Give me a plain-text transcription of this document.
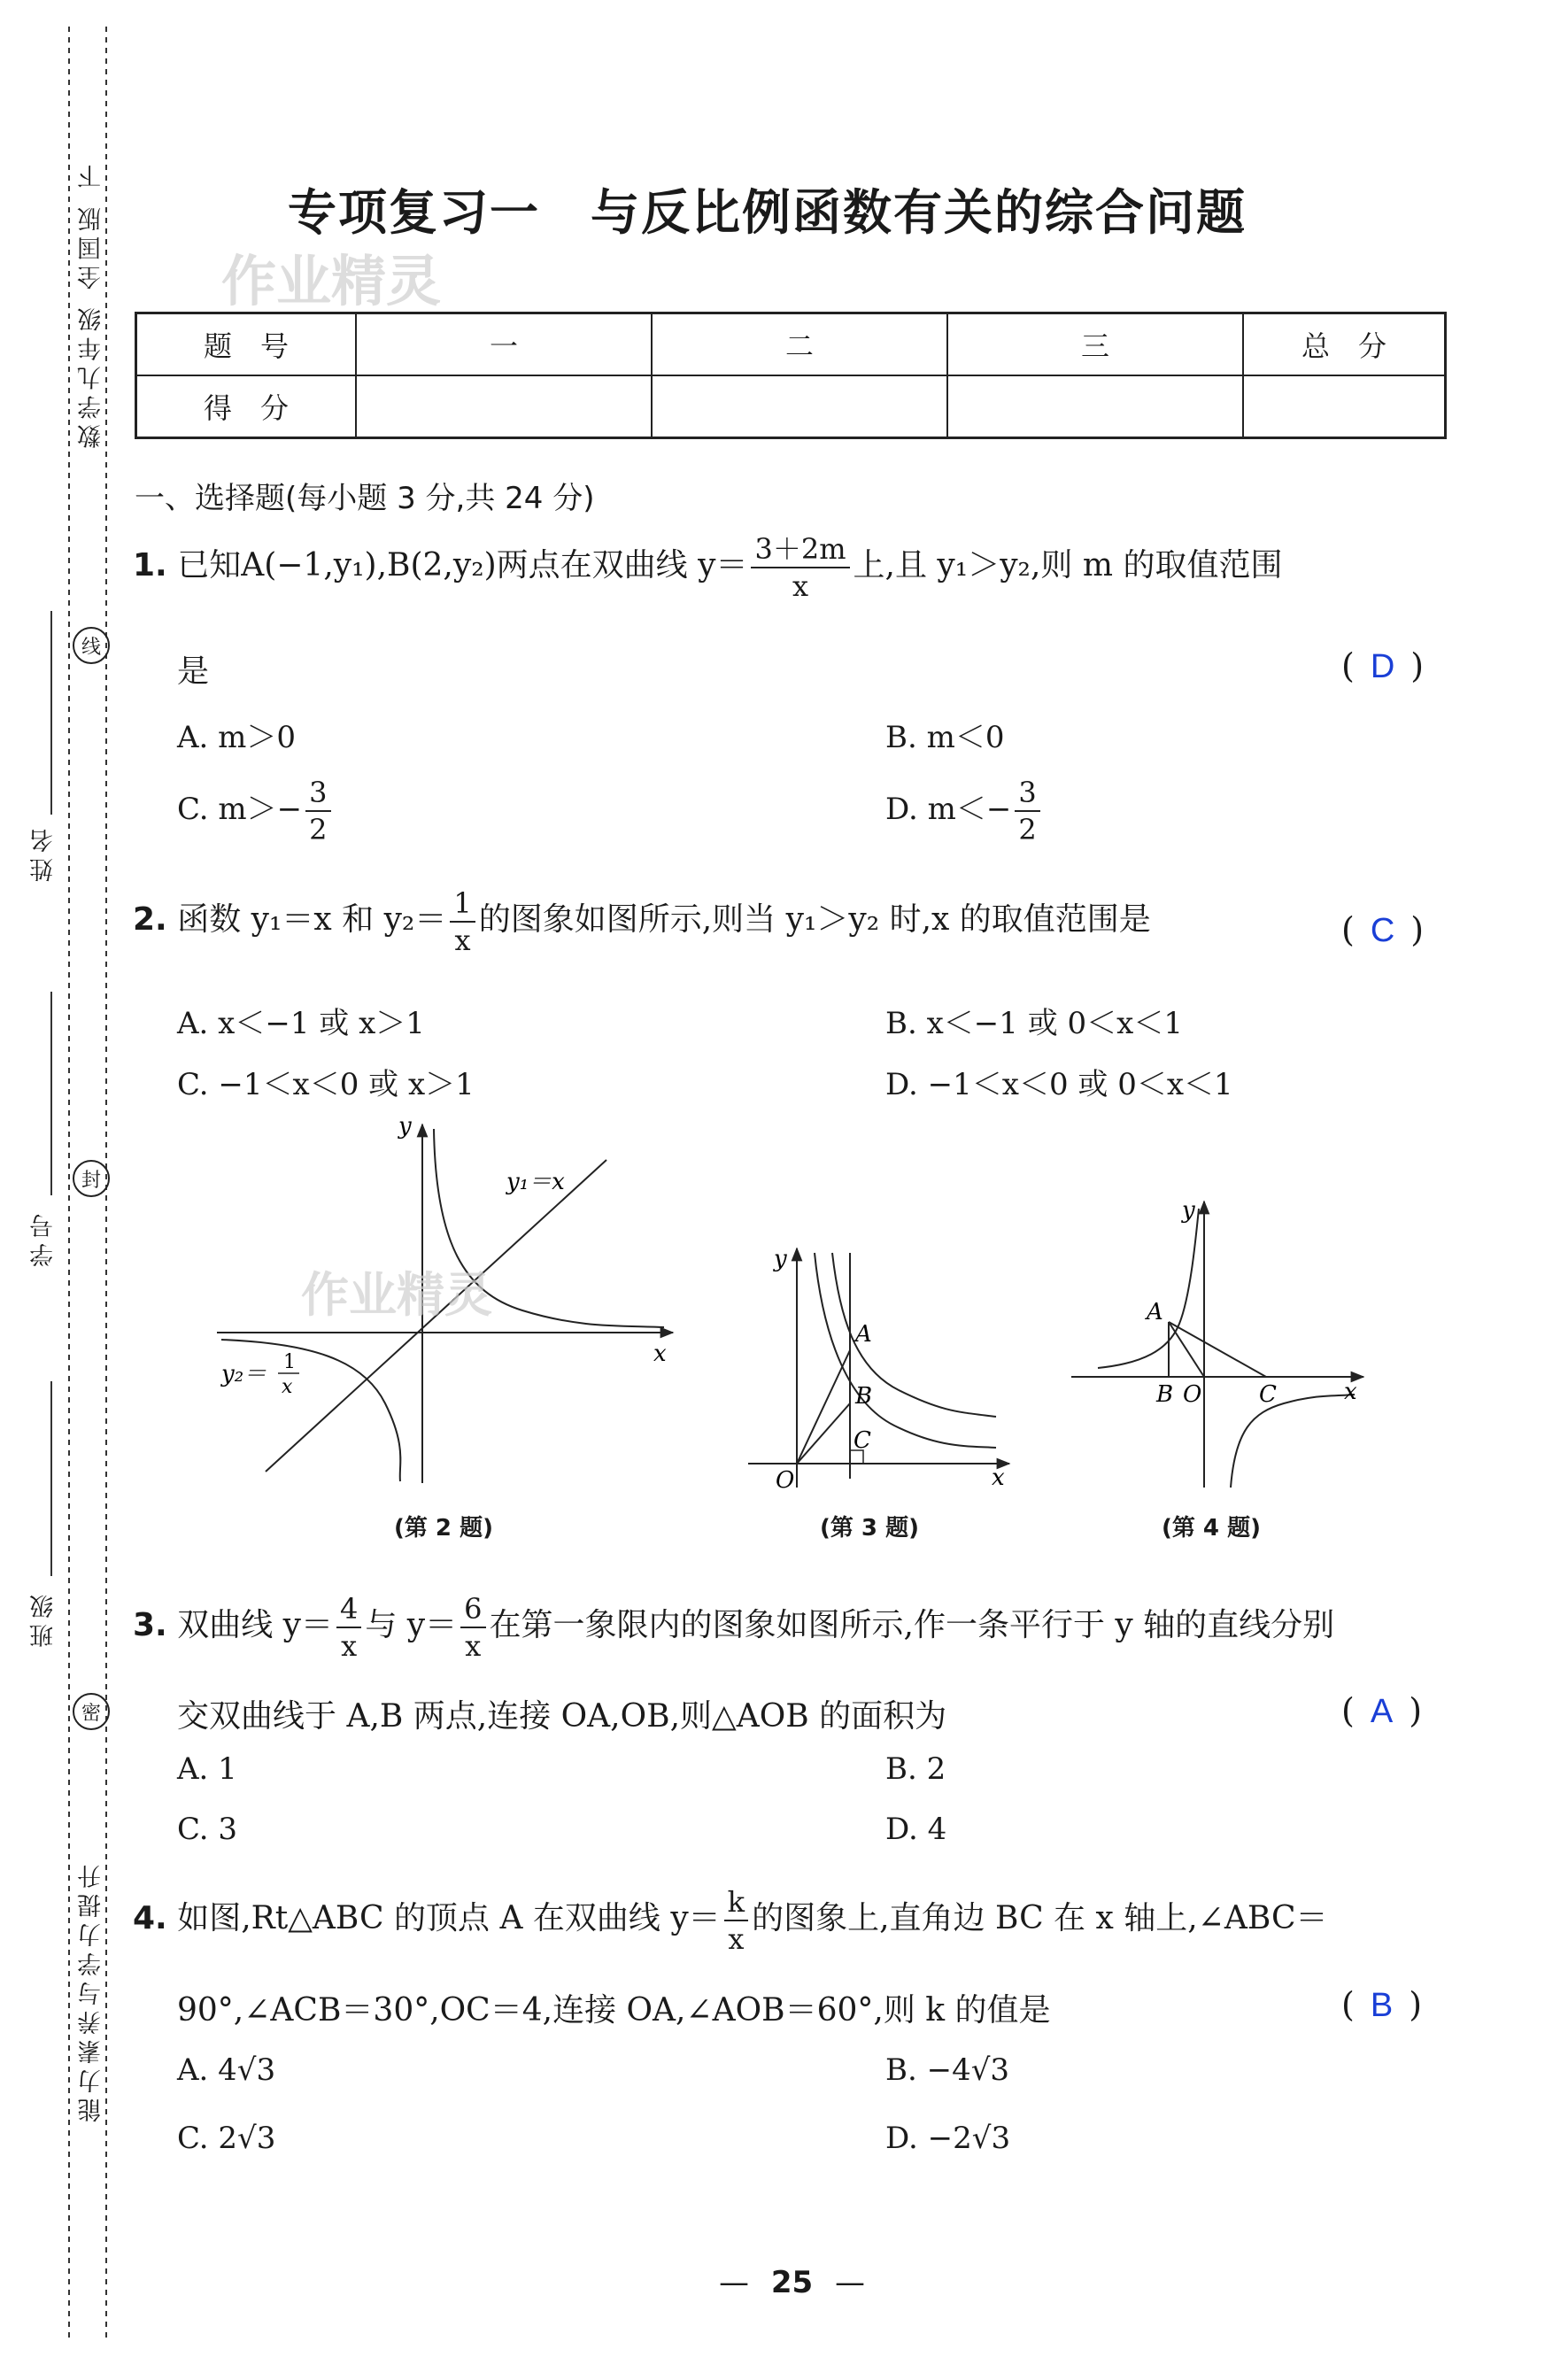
数学九年级 全国版 下
线
姓名
封
学号
班级
密
能力素养与学力提升
专项复习一　与反比例函数有关的综合问题
作业精灵
题　号	一	二	三	总　分
得　分				
一、选择题(每小题 3 分,共 24 分)
1. 已知A(−1,y₁),B(2,y₂)两点在双曲线 $y= \frac{3+2m}{x}$ 上,且 y₁＞y₂,则 m 的取值范围
是	( D )
A. m＞0	B. m＜0
C. $m>- \frac{3}{2}$	D. $m<- \frac{3}{2}$
2. 函数 y₁＝x 和 $y_2= \frac{1}{x}$ 的图象如图所示,则当 y₁＞y₂ 时,x 的取值范围是	( C )
A. x＜−1 或 x＞1	B. x＜−1 或 0＜x＜1
C. −1＜x＜0 或 x＞1	D. −1＜x＜0 或 0＜x＜1
y
x
y₁＝x
y₂＝ 1
x
作业精灵
(第 2 题)
y
x
O
A
B
C
(第 3 题)
y
x
A
B O C
(第 4 题)
3. 双曲线 $y= \frac{4}{x}$ 与 $y= \frac{6}{x}$ 在第一象限内的图象如图所示,作一条平行于 y 轴的直线分别
交双曲线于 A,B 两点,连接 OA,OB,则△AOB 的面积为	( A )
A. 1	B. 2
C. 3	D. 4
4. 如图,Rt△ABC 的顶点 A 在双曲线 $y= \frac{k}{x}$ 的图象上,直角边 BC 在 x 轴上,∠ABC＝
90°,∠ACB＝30°,OC＝4,连接 OA,∠AOB＝60°,则 k 的值是	( B )
A. 4√3	B. −4√3
C. 2√3	D. −2√3
— 25 —
